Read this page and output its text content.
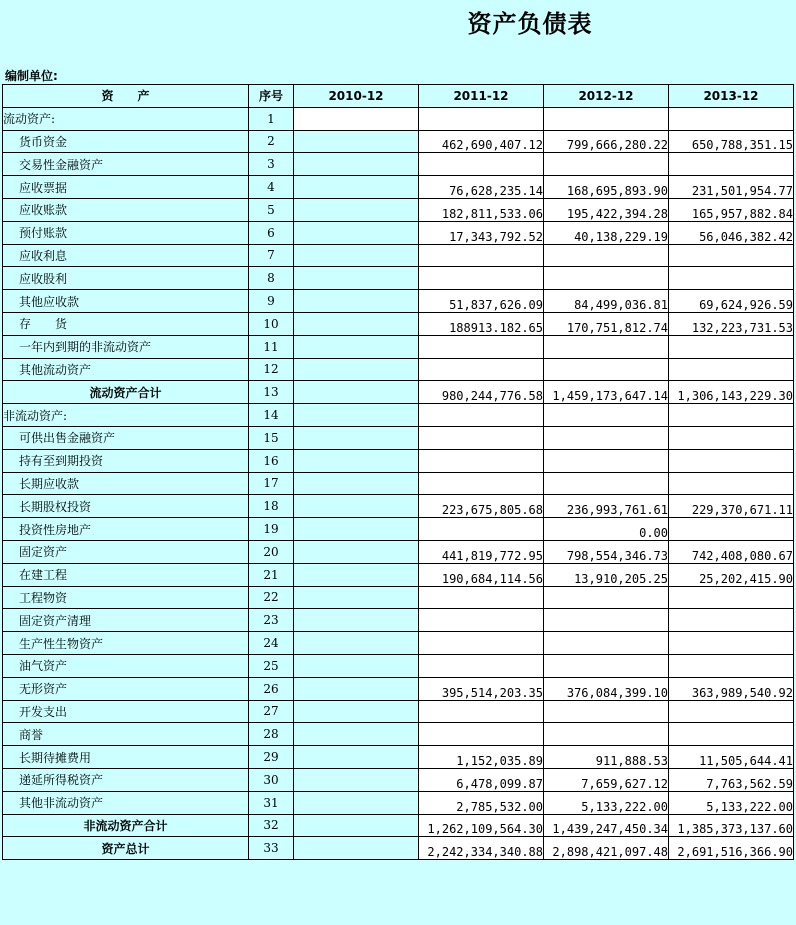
资产负债表
编制单位:
资　　产	序号	2010-12	2011-12	2012-12	2013-12
流动资产:	1				
货币资金	2		462,690,407.12	799,666,280.22	650,788,351.15
交易性金融资产	3				
应收票据	4		76,628,235.14	168,695,893.90	231,501,954.77
应收账款	5		182,811,533.06	195,422,394.28	165,957,882.84
预付账款	6		17,343,792.52	40,138,229.19	56,046,382.42
应收利息	7				
应收股利	8				
其他应收款	9		51,837,626.09	84,499,036.81	69,624,926.59
存　　货	10		188913.182.65	170,751,812.74	132,223,731.53
一年内到期的非流动资产	11				
其他流动资产	12				
流动资产合计	13		980,244,776.58	1,459,173,647.14	1,306,143,229.30
非流动资产:	14				
可供出售金融资产	15				
持有至到期投资	16				
长期应收款	17				
长期股权投资	18		223,675,805.68	236,993,761.61	229,370,671.11
投资性房地产	19			0.00	
固定资产	20		441,819,772.95	798,554,346.73	742,408,080.67
在建工程	21		190,684,114.56	13,910,205.25	25,202,415.90
工程物资	22				
固定资产清理	23				
生产性生物资产	24				
油气资产	25				
无形资产	26		395,514,203.35	376,084,399.10	363,989,540.92
开发支出	27				
商誉	28				
长期待摊费用	29		1,152,035.89	911,888.53	11,505,644.41
递延所得税资产	30		6,478,099.87	7,659,627.12	7,763,562.59
其他非流动资产	31		2,785,532.00	5,133,222.00	5,133,222.00
非流动资产合计	32		1,262,109,564.30	1,439,247,450.34	1,385,373,137.60
资产总计	33		2,242,334,340.88	2,898,421,097.48	2,691,516,366.90
